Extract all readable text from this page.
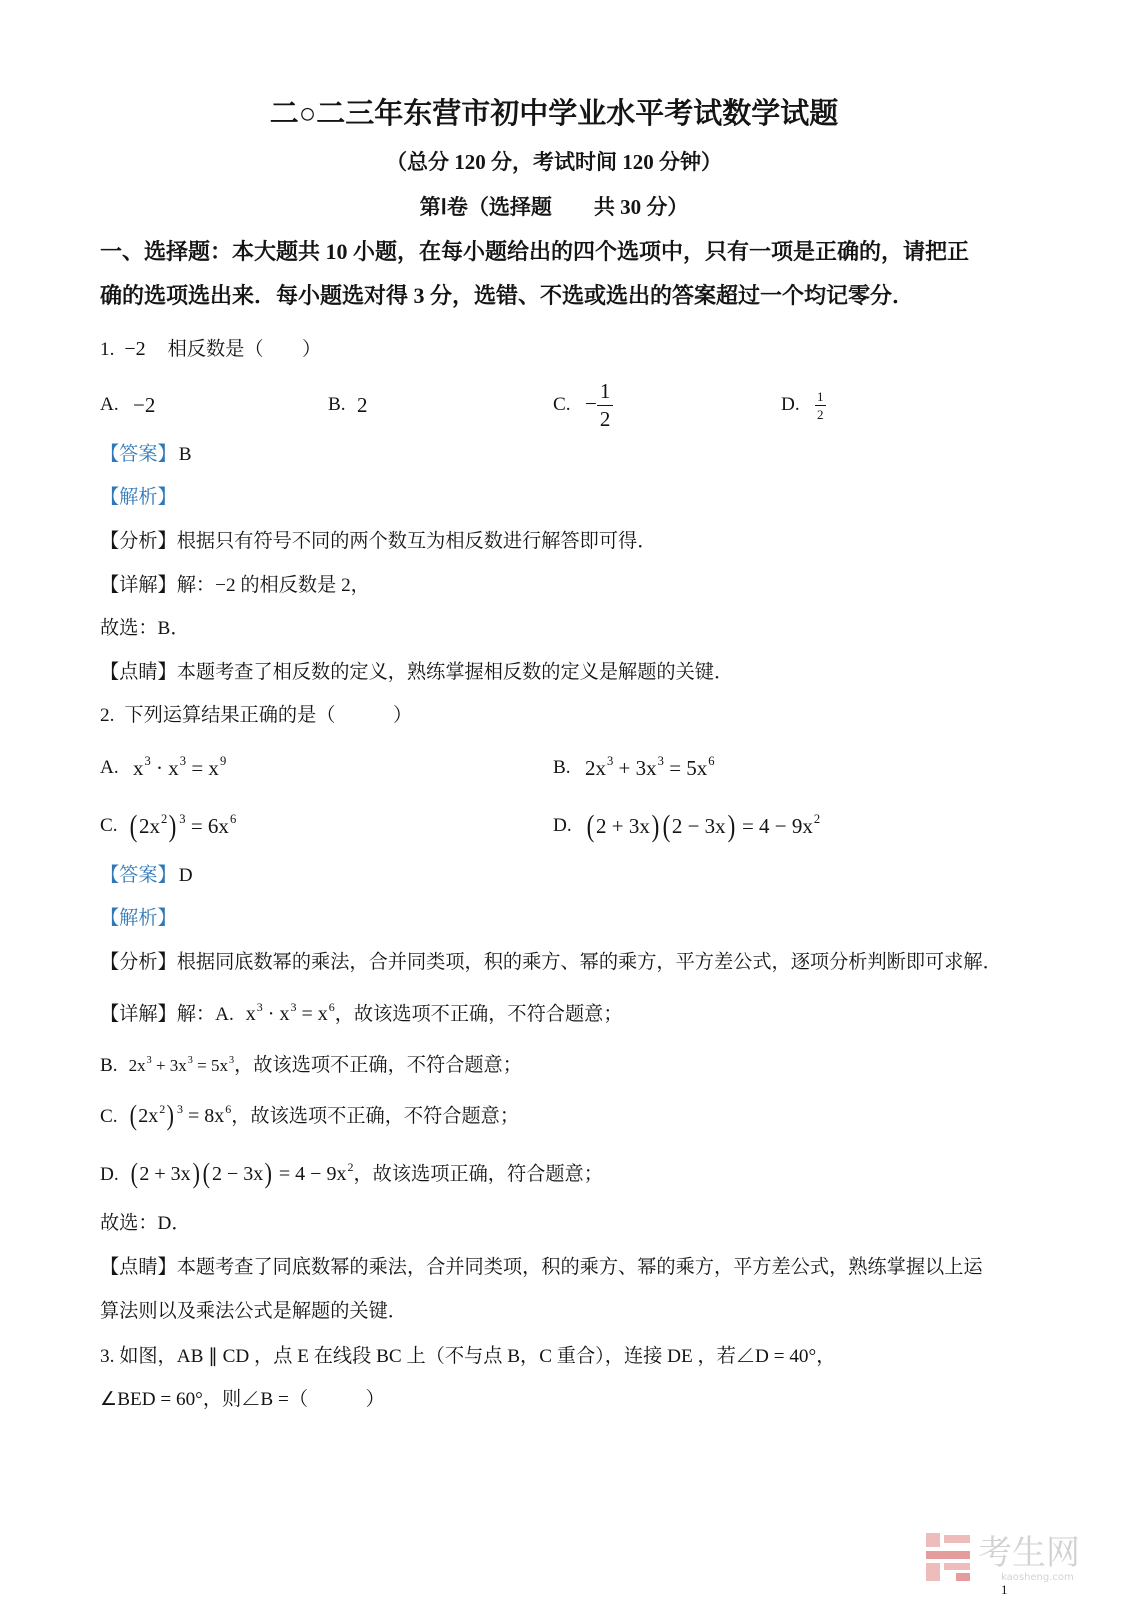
二○二三年东营市初中学业水平考试数学试题
（总分 120 分，考试时间 120 分钟）
第Ⅰ卷（选择题　　共 30 分）
一、选择题：本大题共 10 小题，在每小题给出的四个选项中，只有一项是正确的，请把正
确的选项选出来．每小题选对得 3 分，选错、不选或选出的答案超过一个均记零分．
1. −2 相反数是（　　）
A. −2	B. 2	C. − $\frac{1}{2}$	D.	$\frac{1}{2}$
【答案】 B
【解析】
【分析】根据只有符号不同的两个数互为相反数进行解答即可得．
【详解】解：−2 的相反数是 2，
故选：B．
【点睛】本题考查了相反数的定义，熟练掌握相反数的定义是解题的关键．
2. 下列运算结果正确的是（　　　）
A. $x^3 \cdot x^3 = x^9$	B. $2x^3 + 3x^3 = 5x^6$
C. $(2x^2) ^3 = 6x^6$	D. (2 + 3x) $(2 - 3x) = 4 - 9x^2$
【答案】 D
【解析】
【分析】根据同底数幂的乘法，合并同类项，积的乘方、幂的乘方，平方差公式，逐项分析判断即可求解．
【详解】解：A. $x^3 \cdot x^3 = x^6$，故该选项不正确，不符合题意；
B. $2x^3 + 3x^3 = 5x^3$，故该选项不正确，不符合题意；
C. $(2x^2) ^3 = 8x^6$，故该选项不正确，不符合题意；
D. (2 + 3x) $(2 - 3x) = 4 - 9x^2$，故该选项正确，符合题意；
故选：D．
【点睛】本题考查了同底数幂的乘法，合并同类项，积的乘方、幂的乘方，平方差公式，熟练掌握以上运
算法则以及乘法公式是解题的关键．
3. 如图，AB ∥ CD ，点 E 在线段 BC 上（不与点 B，C 重合），连接 DE ，若∠D = 40°，
∠BED = 60°，则∠B =（　　　）
考生网
kaosheng.com
1
